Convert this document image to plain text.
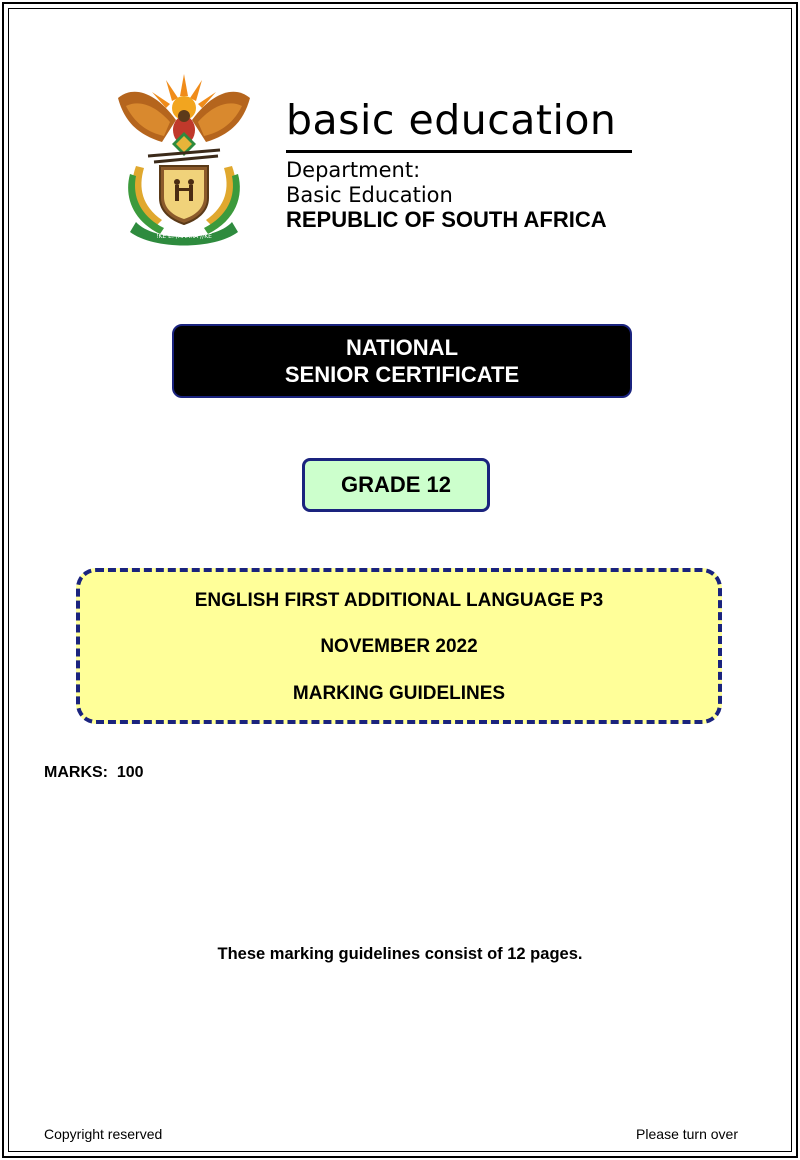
!KE E: /XARRA //KE
basic education
Department:
Basic Education
REPUBLIC OF SOUTH AFRICA
NATIONAL
SENIOR CERTIFICATE
GRADE 12
ENGLISH FIRST ADDITIONAL LANGUAGE P3
NOVEMBER 2022
MARKING GUIDELINES
MARKS:  100
These marking guidelines consist of 12 pages.
Copyright reserved	Please turn over
